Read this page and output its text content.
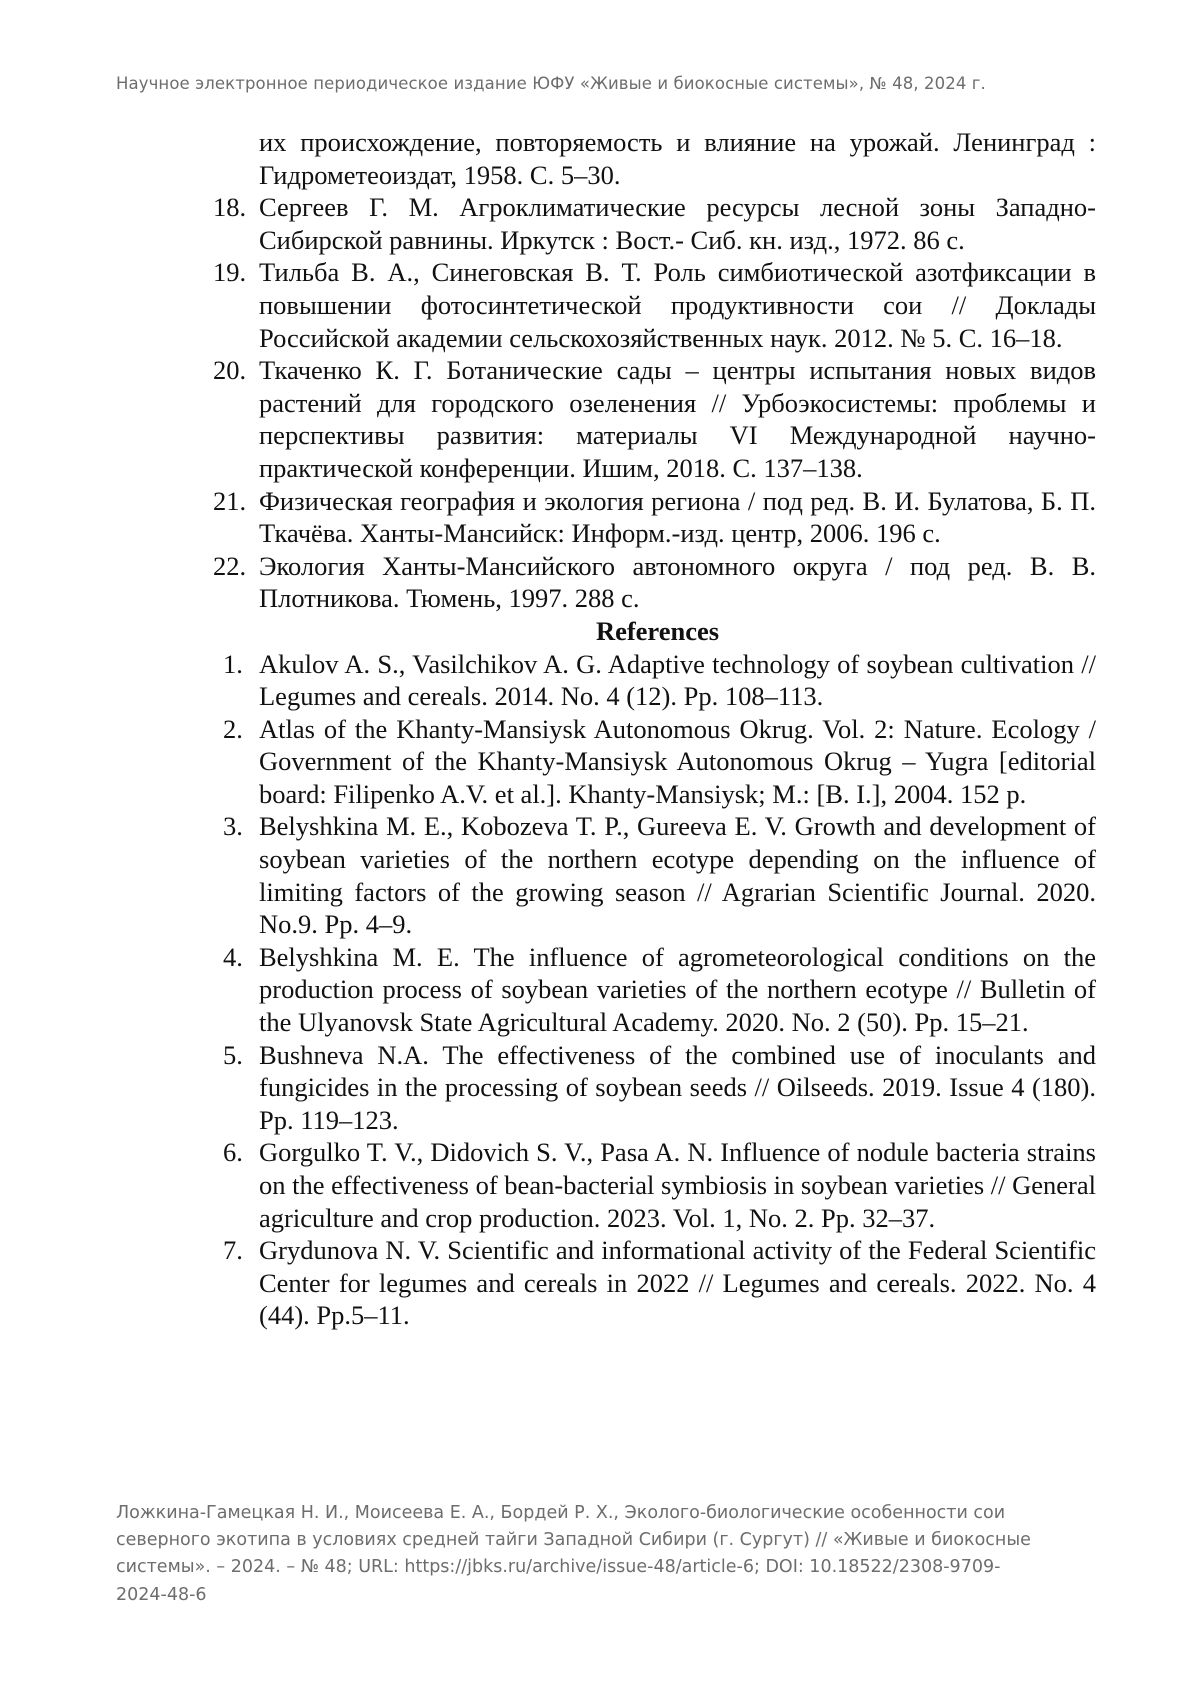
Научное электронное периодическое издание ЮФУ «Живые и биокосные системы», № 48, 2024 г.
их происхождение, повторяемость и влияние на урожай. Ленинград : Гидрометеоиздат, 1958. С. 5–30.
18. Сергеев Г. М. Агроклиматические ресурсы лесной зоны Западно-Сибирской равнины. Иркутск : Вост.- Сиб. кн. изд., 1972. 86 с.
19. Тильба В. А., Синеговская В. Т. Роль симбиотической азотфиксации в повышении фотосинтетической продуктивности сои // Доклады Российской академии сельскохозяйственных наук. 2012. № 5. С. 16–18.
20. Ткаченко К. Г. Ботанические сады – центры испытания новых видов растений для городского озеленения // Урбоэкосистемы: проблемы и перспективы развития: материалы VI Международной научно-практической конференции. Ишим, 2018. С. 137–138.
21. Физическая география и экология региона / под ред. В. И. Булатова, Б. П. Ткачёва. Ханты-Мансийск: Информ.-изд. центр, 2006. 196 с.
22. Экология Ханты-Мансийского автономного округа / под ред. В. В. Плотникова. Тюмень, 1997. 288 с.
References
1. Akulov A. S., Vasilchikov A. G. Adaptive technology of soybean cultivation // Legumes and cereals. 2014. No. 4 (12). Pp. 108–113.
2. Atlas of the Khanty-Mansiysk Autonomous Okrug. Vol. 2: Nature. Ecology / Government of the Khanty-Mansiysk Autonomous Okrug – Yugra [editorial board: Filipenko A.V. et al.]. Khanty-Mansiysk; M.: [B. I.], 2004. 152 p.
3. Belyshkina M. E., Kobozeva T. P., Gureeva E. V. Growth and development of soybean varieties of the northern ecotype depending on the influence of limiting factors of the growing season // Agrarian Scientific Journal. 2020. No.9. Pp. 4–9.
4. Belyshkina M. E. The influence of agrometeorological conditions on the production process of soybean varieties of the northern ecotype // Bulletin of the Ulyanovsk State Agricultural Academy. 2020. No. 2 (50). Pp. 15–21.
5. Bushneva N.A. The effectiveness of the combined use of inoculants and fungicides in the processing of soybean seeds // Oilseeds. 2019. Issue 4 (180). Pp. 119–123.
6. Gorgulko T. V., Didovich S. V., Pasa A. N. Influence of nodule bacteria strains on the effectiveness of bean-bacterial symbiosis in soybean varieties // General agriculture and crop production. 2023. Vol. 1, No. 2. Pp. 32–37.
7. Grydunova N. V. Scientific and informational activity of the Federal Scientific Center for legumes and cereals in 2022 // Legumes and cereals. 2022. No. 4 (44). Pp.5–11.
Ложкина-Гамецкая Н. И., Моисеева Е. А., Бордей Р. Х., Эколого-биологические особенности сои
северного экотипа в условиях средней тайги Западной Сибири (г. Сургут) // «Живые и биокосные
системы». – 2024. – № 48; URL: https://jbks.ru/archive/issue-48/article-6; DOI: 10.18522/2308-9709-
2024-48-6
